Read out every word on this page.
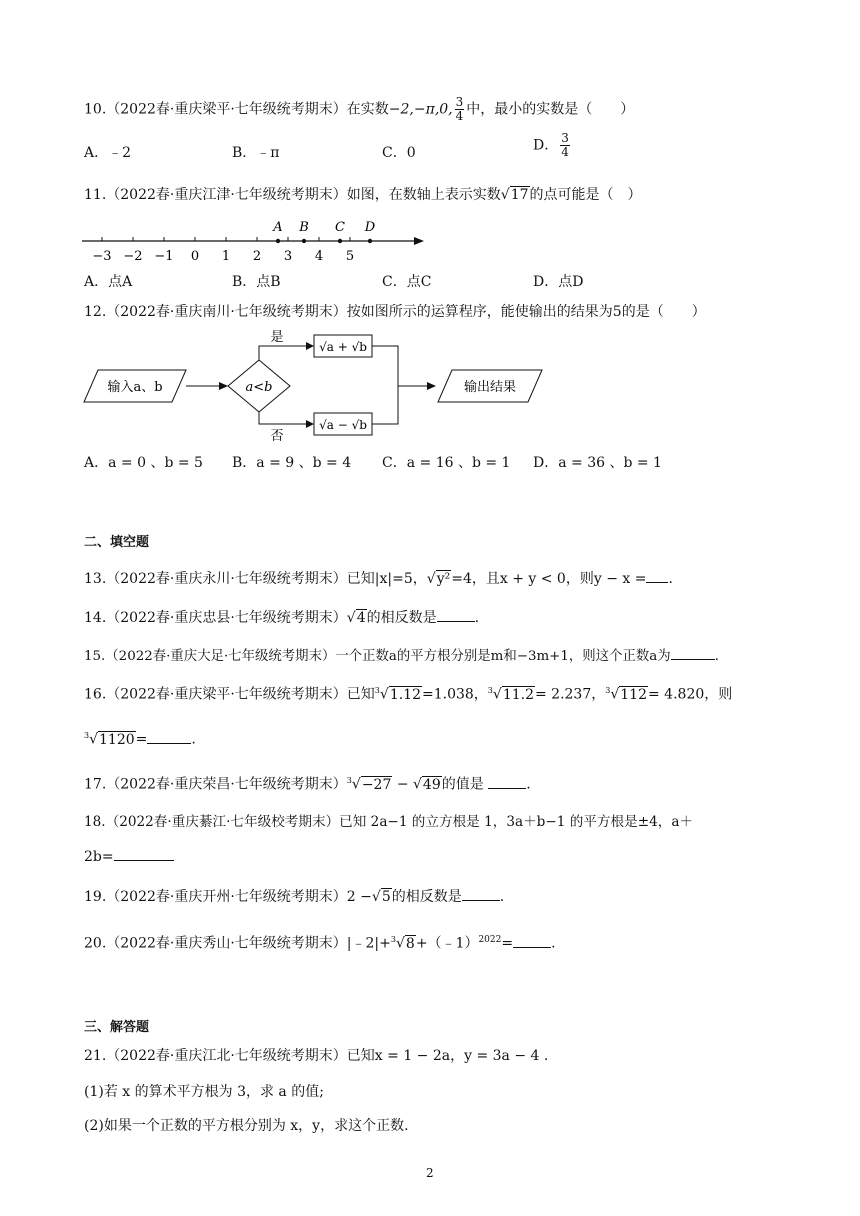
10.（2022春·重庆梁平·七年级统考期末）在实数−2,−π,0, $\frac{3}{4}$ 中，最小的实数是（　　）
A．﹣2	B．﹣π	C．0	D． $\frac{3}{4}$
11.（2022春·重庆江津·七年级统考期末）如图，在数轴上表示实数√17的点可能是（　）
−3 −2 −1 0 1 2 3 4 5
A B C D
A．点A	B．点B	C．点C	D．点D
12.（2022春·重庆南川·七年级统考期末）按如图所示的运算程序，能使输出的结果为5的是（　　）
输入a、b	a<b
是
否
√a + √b
√a − √b
输出结果
A．a = 0 、b = 5 B．a = 9 、b = 4 C．a = 16 、b = 1 D．a = 36 、b = 1
二、填空题
13.（2022春·重庆永川·七年级统考期末）已知|x|=5，√y²=4，且x + y < 0，则y − x = .
14.（2022春·重庆忠县·七年级统考期末）√4的相反数是	.
15.（2022春·重庆大足·七年级统考期末）一个正数a的平方根分别是m和−3m+1，则这个正数a为	.
16.（2022春·重庆梁平·七年级统考期末）已知$^3$√1.12=1.038，$^3$√11.2= 2.237，$^3$√112= 4.820，则
$^3$√1120=	.
17.（2022春·重庆荣昌·七年级统考期末）$^3$√−27 − √49的值是	.
18.（2022春·重庆綦江·七年级校考期末）已知 2a−1 的立方根是 1，3a＋b−1 的平方根是±4，a＋
2b=
19.（2022春·重庆开州·七年级统考期末）2 −√5的相反数是	.
20.（2022春·重庆秀山·七年级统考期末）|﹣2|+$^3$√8+（﹣1）$^{2022}$=	.
三、解答题
21.（2022春·重庆江北·七年级统考期末）已知x = 1 − 2a，y = 3a − 4 .
(1)若 x 的算术平方根为 3，求 a 的值;
(2)如果一个正数的平方根分别为 x，y，求这个正数.
2
